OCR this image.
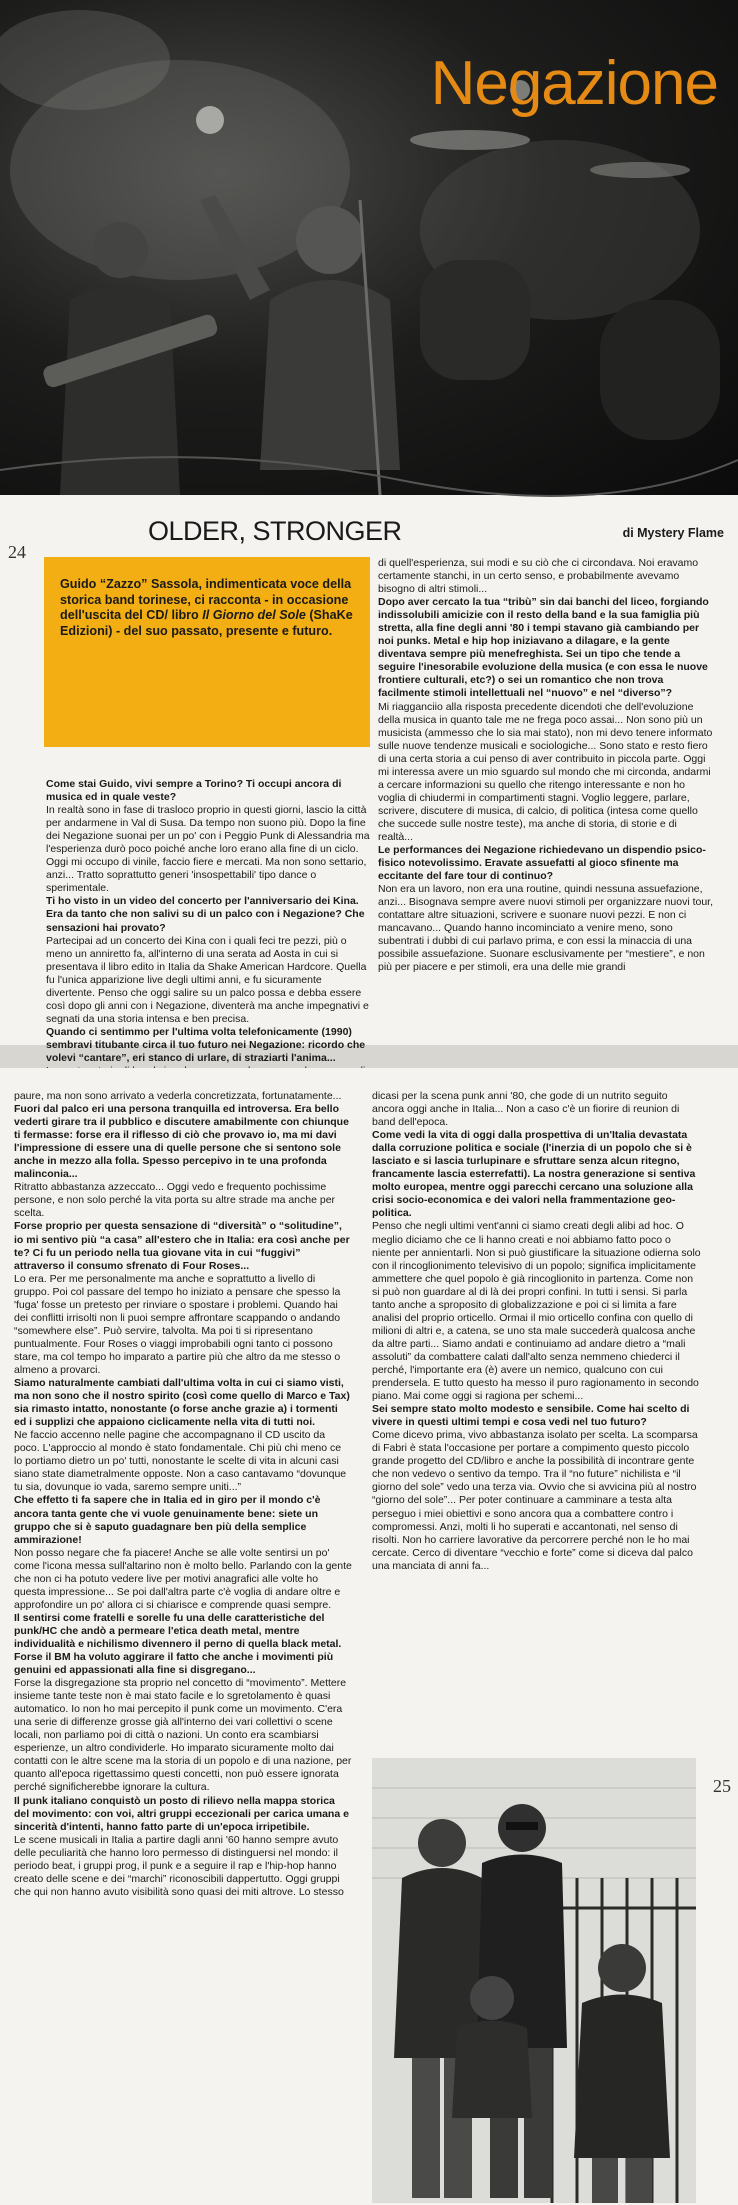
Negazione
24
OLDER, STRONGER	di Mystery Flame

Guido “Zazzo” Sassola, indimenticata voce della storica band torinese, ci racconta - in occasione dell'uscita del CD/ libro Il Giorno del Sole (ShaKe Edizioni) - del suo passato, presente e futuro.

Come stai Guido, vivi sempre a Torino? Ti occupi ancora di musica ed in quale veste?

In realtà sono in fase di trasloco proprio in questi giorni, lascio la città per andarmene in Val di Susa. Da tempo non suono più. Dopo la fine dei Negazione suonai per un po' con i Peggio Punk di Alessandria ma l'esperienza durò poco poiché anche loro erano alla fine di un ciclo. Oggi mi occupo di vinile, faccio fiere e mercati. Ma non sono settario, anzi... Tratto soprattutto generi 'insospettabili' tipo dance o sperimentale.

Ti ho visto in un video del concerto per l'anniversario dei Kina. Era da tanto che non salivi su di un palco con i Negazione? Che sensazioni hai provato?

Partecipai ad un concerto dei Kina con i quali feci tre pezzi, più o meno un anniretto fa, all'interno di una serata ad Aosta in cui si presentava il libro edito in Italia da Shake American Hardcore. Quella fu l'unica apparizione live degli ultimi anni, e fu sicuramente divertente. Penso che oggi salire su un palco possa e debba essere così dopo gli anni con i Negazione, diventerà ma anche impegnativi e segnati da una storia intensa e ben precisa.

Quando ci sentimmo per l'ultima volta telefonicamente (1990) sembravi titubante circa il tuo futuro nei Negazione: ricordo che volevi “cantare”, eri stanco di urlare, di straziarti l'anima...

di quell'esperienza, sui modi e su ciò che ci circondava. Noi eravamo certamente stanchi, in un certo senso, e probabilmente avevamo bisogno di altri stimoli...

Dopo aver cercato la tua “tribù” sin dai banchi del liceo, forgiando indissolubili amicizie con il resto della band e la sua famiglia più stretta, alla fine degli anni '80 i tempi stavano già cambiando per noi punks. Metal e hip hop iniziavano a dilagare, e la gente diventava sempre più menefreghista. Sei un tipo che tende a seguire l'inesorabile evoluzione della musica (e con essa le nuove frontiere culturali, etc?) o sei un romantico che non trova facilmente stimoli intellettuali nel “nuovo” e nel “diverso”?

Mi riagganciio alla risposta precedente dicendoti che dell'evoluzione della musica in quanto tale me ne frega poco assai... Non sono più un musicista (ammesso che lo sia mai stato), non mi devo tenere informato sulle nuove tendenze musicali e sociologiche... Sono stato e resto fiero di una certa storia a cui penso di aver contribuito in piccola parte. Oggi mi interessa avere un mio sguardo sul mondo che mi circonda, andarmi a cercare informazioni su quello che ritengo interessante e non ho voglia di chiudermi in compartimenti stagni. Voglio leggere, parlare, scrivere, discutere di musica, di calcio, di politica (intesa come quello che succede sulle nostre teste), ma anche di storia, di storie e di realtà...

Le performances dei Negazione richiedevano un dispendio psico-fisico notevolissimo. Eravate assuefatti al gioco sfinente ma eccitante del fare tour di continuo?

Non era un lavoro, non era una routine, quindi nessuna assuefazione, anzi... Bisognava sempre avere nuovi stimoli per organizzare nuovi tour, contattare altre situazioni, scrivere e suonare nuovi pezzi. E non ci mancavano... Quando hanno incominciato a venire meno, sono subentrati i dubbi di cui parlavo prima, e con essi la minaccia di una possibile assuefazione. Suonare esclusivamente per “mestiere”, e non più per piacere e per stimoli, era una delle mie grandi

paure, ma non sono arrivato a vederla concretizzata, fortunatamente...

Fuori dal palco eri una persona tranquilla ed introversa. Era bello vederti girare tra il pubblico e discutere amabilmente con chiunque ti fermasse: forse era il riflesso di ciò che provavo io, ma mi davi l'impressione di essere una di quelle persone che si sentono sole anche in mezzo alla folla. Spesso percepivo in te una profonda malinconia...

Ritratto abbastanza azzeccato... Oggi vedo e frequento pochissime persone, e non solo perché la vita porta su altre strade ma anche per scelta.

Forse proprio per questa sensazione di “diversità” o “solitudine”, io mi sentivo più “a casa” all'estero che in Italia: era così anche per te? Ci fu un periodo nella tua giovane vita in cui “fuggivi” attraverso il consumo sfrenato di Four Roses...

Lo era. Per me personalmente ma anche e soprattutto a livello di gruppo. Poi col passare del tempo ho iniziato a pensare che spesso la 'fuga' fosse un pretesto per rinviare o spostare i problemi. Quando hai dei conflitti irrisolti non li puoi sempre affrontare scappando o andando “somewhere else”. Può servire, talvolta. Ma poi ti si ripresentano puntualmente. Four Roses o viaggi improbabili ogni tanto ci possono stare, ma col tempo ho imparato a partire più che altro da me stesso o almeno a provarci.

Siamo naturalmente cambiati dall'ultima volta in cui ci siamo visti, ma non sono che il nostro spirito (così come quello di Marco e Tax) sia rimasto intatto, nonostante (o forse anche grazie a) i tormenti ed i supplizi che appaiono ciclicamente nella vita di tutti noi.

Ne faccio accenno nelle pagine che accompagnano il CD uscito da poco. L'approccio al mondo è stato fondamentale. Chi più chi meno ce lo portiamo dietro un po' tutti, nonostante le scelte di vita in alcuni casi siano state diametralmente opposte. Non a caso cantavamo “dovunque tu sia, dovunque io vada, saremo sempre uniti...”

Che effetto ti fa sapere che in Italia ed in giro per il mondo c'è ancora tanta gente che vi vuole genuinamente bene: siete un gruppo che si è saputo guadagnare ben più della semplice ammirazione!

Non posso negare che fa piacere! Anche se alle volte sentirsi un po' come l'icona messa sull'altarino non è molto bello. Parlando con la gente che non ci ha potuto vedere live per motivi anagrafici alle volte ho questa impressione... Se poi dall'altra parte c'è voglia di andare oltre e approfondire un po' allora ci si chiarisce e comprende quasi sempre.

Il sentirsi come fratelli e sorelle fu una delle caratteristiche del punk/HC che andò a permeare l'etica death metal, mentre individualità e nichilismo divennero il perno di quella black metal. Forse il BM ha voluto aggirare il fatto che anche i movimenti più genuini ed appassionati alla fine si disgregano...

Forse la disgregazione sta proprio nel concetto di “movimento”. Mettere insieme tante teste non è mai stato facile e lo sgretolamento è quasi automatico. Io non ho mai percepito il punk come un movimento. C'era una serie di differenze grosse già all'interno dei vari collettivi o scene locali, non parliamo poi di città o nazioni. Un conto era scambiarsi esperienze, un altro condividerle. Ho imparato sicuramente molto dai contatti con le altre scene ma la storia di un popolo e di una nazione, per quanto all'epoca rigettassimo questi concetti, non può essere ignorata perché significherebbe ignorare la cultura.

Il punk italiano conquistò un posto di rilievo nella mappa storica del movimento: con voi, altri gruppi eccezionali per carica umana e sincerità d'intenti, hanno fatto parte di un'epoca irripetibile.

Le scene musicali in Italia a partire dagli anni '60 hanno sempre avuto delle peculiarità che hanno loro permesso di distinguersi nel mondo: il periodo beat, i gruppi prog, il punk e a seguire il rap e l'hip-hop hanno creato delle scene e dei “marchi” riconoscibili dappertutto. Oggi gruppi che qui non hanno avuto visibilità sono quasi dei miti altrove. Lo stesso

dicasi per la scena punk anni '80, che gode di un nutrito seguito ancora oggi anche in Italia... Non a caso c'è un fiorire di reunion di band dell'epoca.

Come vedi la vita di oggi dalla prospettiva di un'Italia devastata dalla corruzione politica e sociale (l'inerzia di un popolo che si è lasciato e si lascia turlupinare e sfruttare senza alcun ritegno, francamente lascia esterrefatti). La nostra generazione si sentiva molto europea, mentre oggi parecchi cercano una soluzione alla crisi socio-economica e dei valori nella frammentazione geo-politica.

Penso che negli ultimi vent'anni ci siamo creati degli alibi ad hoc. O meglio diciamo che ce li hanno creati e noi abbiamo fatto poco o niente per annientarli. Non si può giustificare la situazione odierna solo con il rincoglionimento televisivo di un popolo; significa implicitamente ammettere che quel popolo è già rincoglionito in partenza. Come non si può non guardare al di là dei propri confini. In tutti i sensi. Si parla tanto anche a sproposito di globalizzazione e poi ci si limita a fare analisi del proprio orticello. Ormai il mio orticello confina con quello di milioni di altri e, a catena, se uno sta male succederà qualcosa anche da altre parti... Siamo andati e continuiamo ad andare dietro a “mali assoluti” da combattere calati dall'alto senza nemmeno chiederci il perché, l'importante era (è) avere un nemico, qualcuno con cui prendersela. E tutto questo ha messo il puro ragionamento in secondo piano. Mai come oggi si ragiona per schemi...

Sei sempre stato molto modesto e sensibile. Come hai scelto di vivere in questi ultimi tempi e cosa vedi nel tuo futuro?

Come dicevo prima, vivo abbastanza isolato per scelta. La scomparsa di Fabri è stata l'occasione per portare a compimento questo piccolo grande progetto del CD/libro e anche la possibilità di incontrare gente che non vedevo o sentivo da tempo. Tra il “no future” nichilista e “il giorno del sole” vedo una terza via. Ovvio che si avvicina più al nostro “giorno del sole”... Per poter continuare a camminare a testa alta perseguo i miei obiettivi e sono ancora qua a combattere contro i compromessi. Anzi, molti li ho superati e accantonati, nel senso di risolti. Non ho carriere lavorative da percorrere perché non le ho mai cercate. Cerco di diventare “vecchio e forte” come si diceva dal palco una manciata di anni fa...

25
